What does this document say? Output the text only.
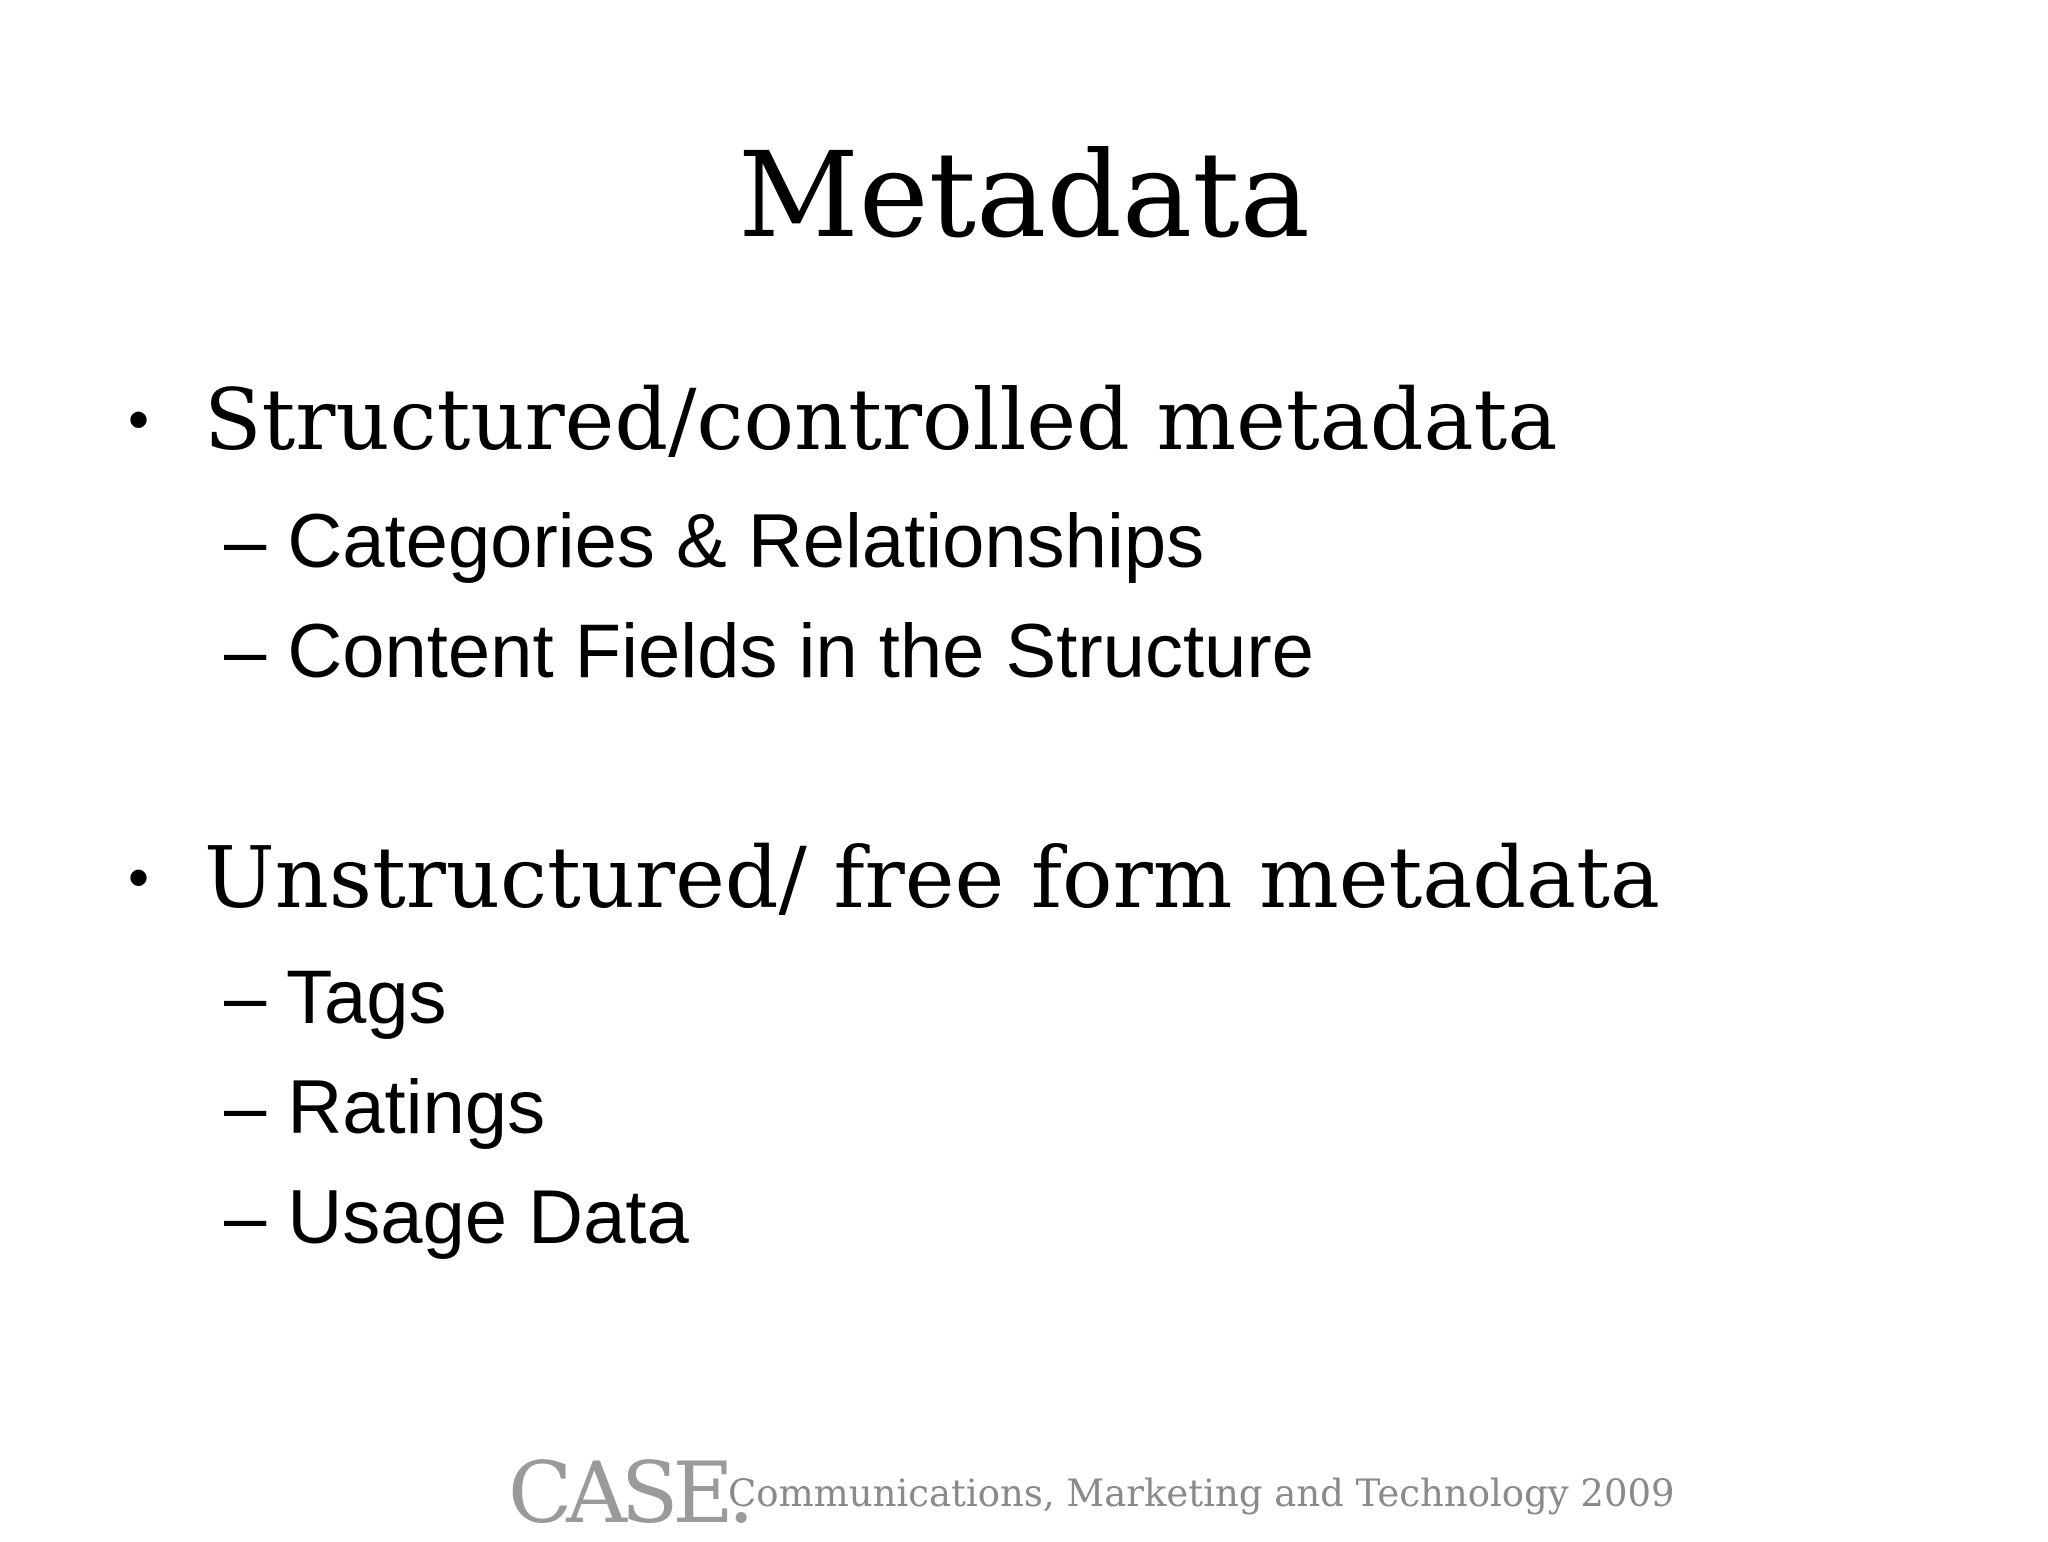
Metadata
• Structured/controlled metadata
– Categories & Relationships
– Content Fields in the Structure
• Unstructured/ free form metadata
– Tags
– Ratings
– Usage Data
CASE.
Communications, Marketing and Technology 2009
